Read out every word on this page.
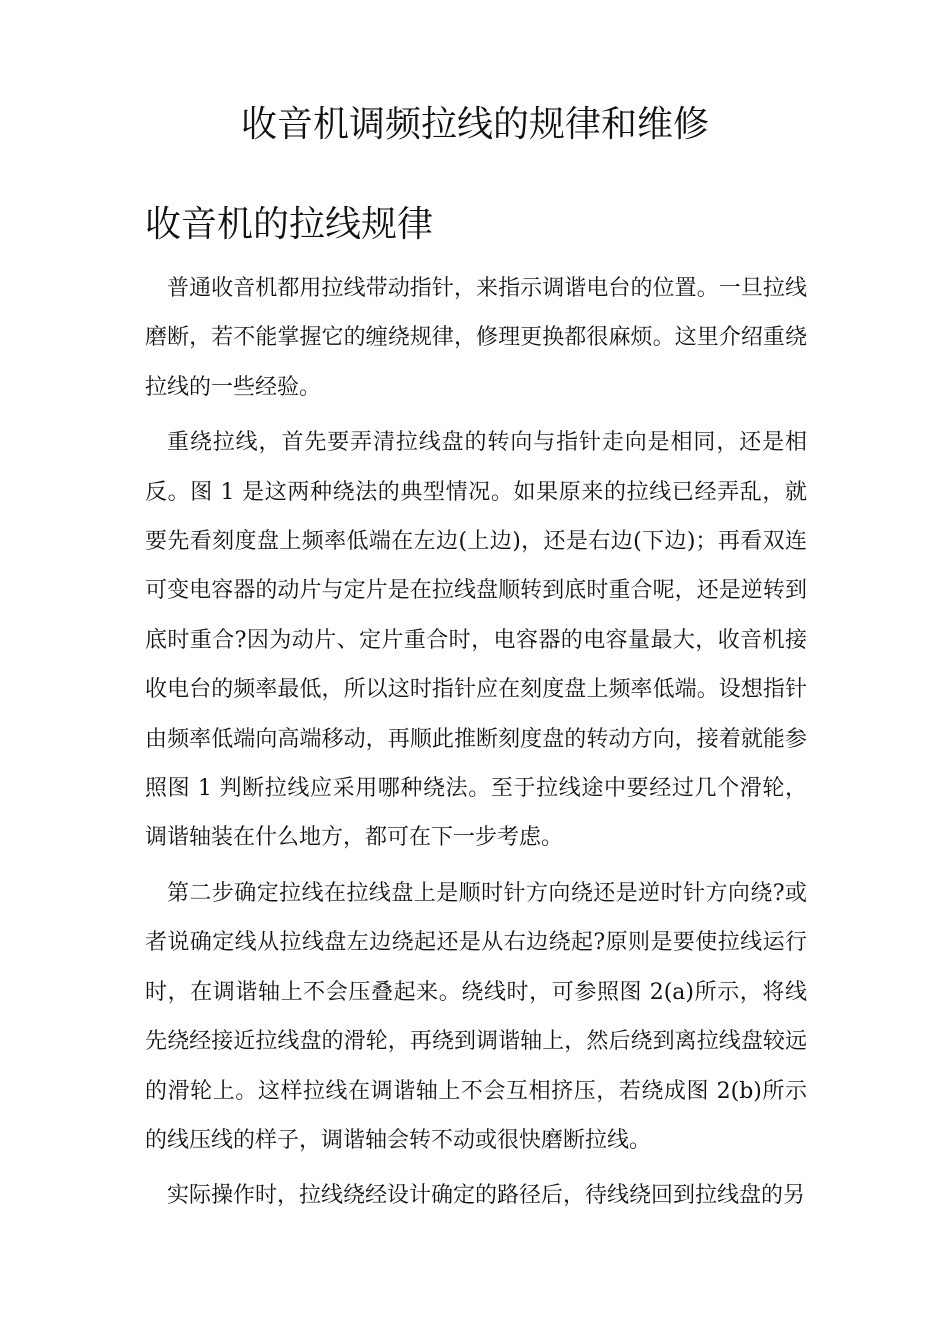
收音机调频拉线的规律和维修
收音机的拉线规律

普通收音机都用拉线带动指针，来指示调谐电台的位置。一旦拉线磨断，若不能掌握它的缠绕规律，修理更换都很麻烦。这里介绍重绕拉线的一些经验。

重绕拉线，首先要弄清拉线盘的转向与指针走向是相同，还是相反。图 1 是这两种绕法的典型情况。如果原来的拉线已经弄乱，就要先看刻度盘上频率低端在左边(上边)，还是右边(下边)；再看双连可变电容器的动片与定片是在拉线盘顺转到底时重合呢，还是逆转到底时重合?因为动片、定片重合时，电容器的电容量最大，收音机接收电台的频率最低，所以这时指针应在刻度盘上频率低端。设想指针由频率低端向高端移动，再顺此推断刻度盘的转动方向，接着就能参照图 1 判断拉线应采用哪种绕法。至于拉线途中要经过几个滑轮，调谐轴装在什么地方，都可在下一步考虑。

第二步确定拉线在拉线盘上是顺时针方向绕还是逆时针方向绕?或者说确定线从拉线盘左边绕起还是从右边绕起?原则是要使拉线运行时，在调谐轴上不会压叠起来。绕线时，可参照图 2(a)所示，将线先绕经接近拉线盘的滑轮，再绕到调谐轴上，然后绕到离拉线盘较远的滑轮上。这样拉线在调谐轴上不会互相挤压，若绕成图 2(b)所示的线压线的样子，调谐轴会转不动或很快磨断拉线。

实际操作时，拉线绕经设计确定的路径后，待线绕回到拉线盘的另
